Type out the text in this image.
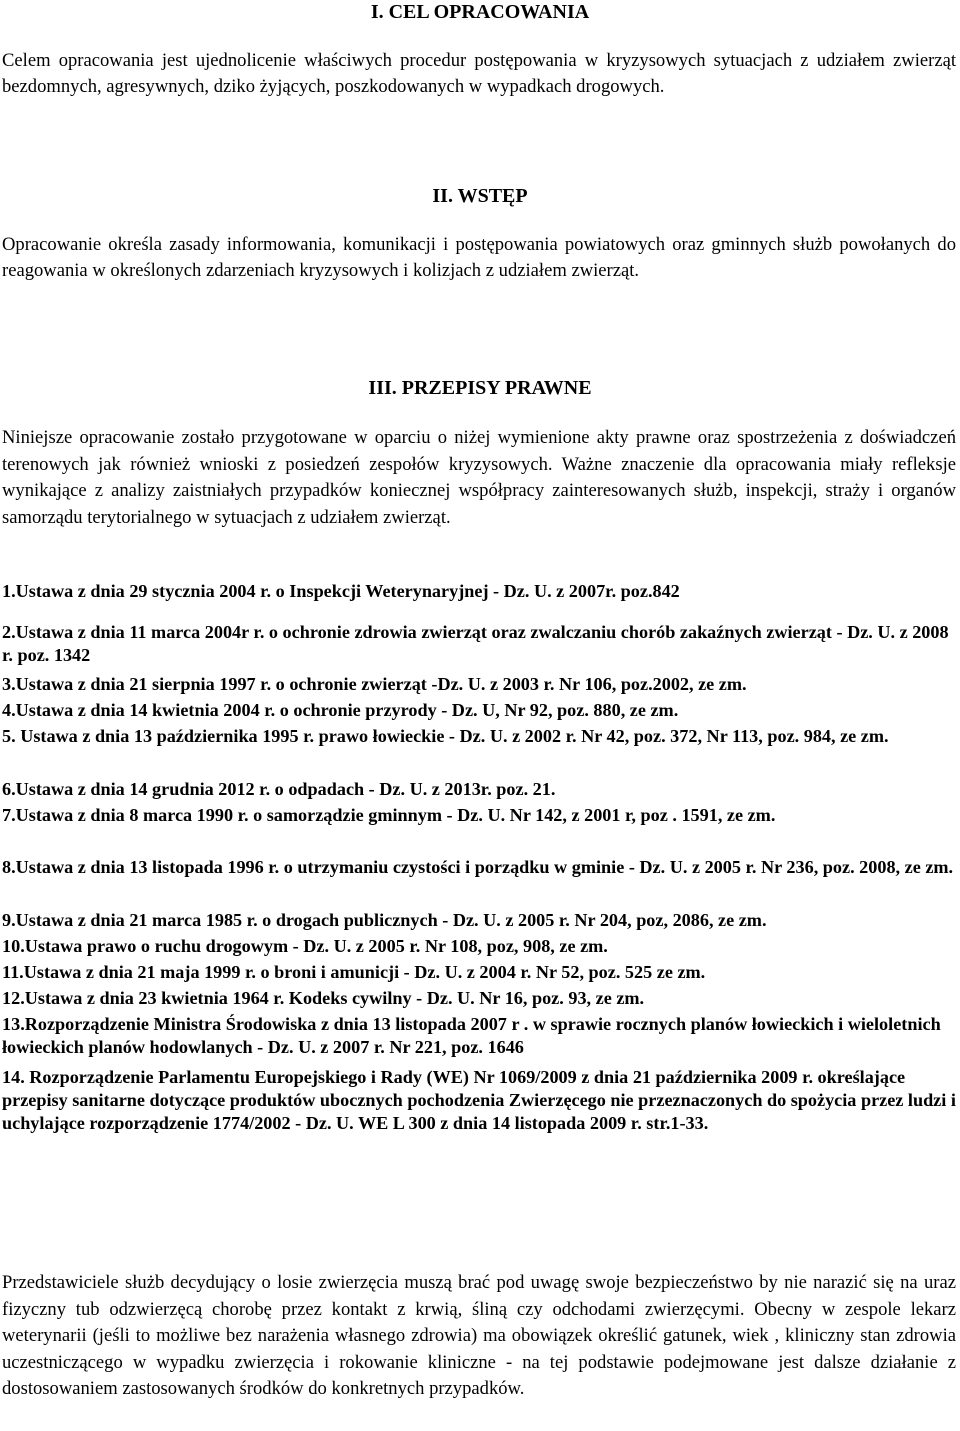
I. CEL OPRACOWANIA

Celem opracowania jest ujednolicenie właściwych procedur postępowania w kryzysowych sytuacjach z udziałem zwierząt bezdomnych, agresywnych, dziko żyjących, poszkodowanych w wypadkach drogowych.

II. WSTĘP

Opracowanie określa zasady informowania, komunikacji i postępowania powiatowych oraz gminnych służb powołanych do reagowania w określonych zdarzeniach kryzysowych i kolizjach z udziałem zwierząt.

III. PRZEPISY PRAWNE

Niniejsze opracowanie zostało przygotowane w oparciu o niżej wymienione akty prawne oraz spostrzeżenia z doświadczeń terenowych jak również wnioski z posiedzeń zespołów kryzysowych. Ważne znaczenie dla opracowania miały refleksje wynikające z analizy zaistniałych przypadków koniecznej współpracy zainteresowanych służb, inspekcji, straży i organów samorządu terytorialnego w sytuacjach z udziałem zwierząt.

1.Ustawa z dnia 29 stycznia 2004 r. o Inspekcji Weterynaryjnej - Dz. U. z 2007r. poz.842
2.Ustawa z dnia 11 marca 2004r r. o ochronie zdrowia zwierząt oraz zwalczaniu chorób zakaźnych zwierząt - Dz. U. z 2008 r. poz. 1342
3.Ustawa z dnia 21 sierpnia 1997 r. o ochronie zwierząt -Dz. U. z 2003 r. Nr 106, poz.2002, ze zm.
4.Ustawa z dnia 14 kwietnia 2004 r. o ochronie przyrody - Dz. U, Nr 92, poz. 880, ze zm.
5. Ustawa z dnia 13 października 1995 r. prawo łowieckie - Dz. U. z 2002 r. Nr 42, poz. 372, Nr 113, poz. 984, ze zm.
6.Ustawa z dnia 14 grudnia 2012 r. o odpadach - Dz. U. z 2013r. poz. 21.
7.Ustawa z dnia 8 marca 1990 r. o samorządzie gminnym - Dz. U. Nr 142, z 2001 r, poz . 1591, ze zm.
8.Ustawa z dnia 13 listopada 1996 r. o utrzymaniu czystości i porządku w gminie - Dz. U. z 2005 r. Nr 236, poz. 2008, ze zm.
9.Ustawa z dnia 21 marca 1985 r. o drogach publicznych - Dz. U. z 2005 r. Nr 204, poz, 2086, ze zm.
10.Ustawa prawo o ruchu drogowym - Dz. U. z 2005 r. Nr 108, poz, 908, ze zm.
11.Ustawa z dnia 21 maja 1999 r. o broni i amunicji - Dz. U. z 2004 r. Nr 52, poz. 525 ze zm.
12.Ustawa z dnia 23 kwietnia 1964 r. Kodeks cywilny - Dz. U. Nr 16, poz. 93, ze zm.
13.Rozporządzenie Ministra Środowiska z dnia 13 listopada 2007 r . w sprawie rocznych planów łowieckich i wieloletnich łowieckich planów hodowlanych - Dz. U. z 2007 r. Nr 221, poz. 1646
14. Rozporządzenie Parlamentu Europejskiego i Rady (WE) Nr 1069/2009 z dnia 21 października 2009 r. określające przepisy sanitarne dotyczące produktów ubocznych pochodzenia Zwierzęcego nie przeznaczonych do spożycia przez ludzi i uchylające rozporządzenie 1774/2002 - Dz. U. WE L 300 z dnia 14 listopada 2009 r. str.1-33.

Przedstawiciele służb decydujący o losie zwierzęcia muszą brać pod uwagę swoje bezpieczeństwo by nie narazić się na uraz fizyczny tub odzwierzęcą chorobę przez kontakt z krwią, śliną czy odchodami zwierzęcymi. Obecny w zespole lekarz weterynarii (jeśli to możliwe bez narażenia własnego zdrowia) ma obowiązek określić gatunek, wiek , kliniczny stan zdrowia uczestniczącego w wypadku zwierzęcia i rokowanie kliniczne - na tej podstawie podejmowane jest dalsze działanie z dostosowaniem zastosowanych środków do konkretnych przypadków.
